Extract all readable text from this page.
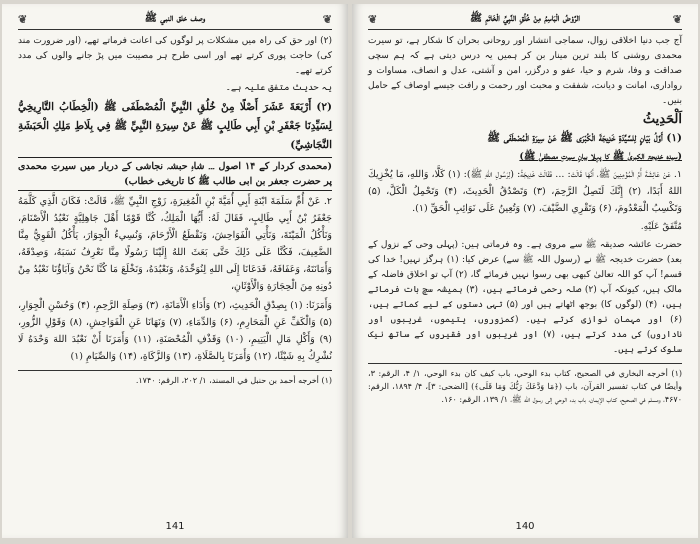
❦
وصف خلق النبي ﷺ
❦

(۲) اور حق کی راہ میں مشکلات پر لوگوں کی اعانت فرماتے تھے، (اور ضرورت مند کی) حاجت پوری کرتے تھے اور اسی طرح ہر مصیبت میں پڑ جانے والوں کی مدد کرتے تھے۔

یہ حدیث متفق علیہ ہے۔

(۲) أَرْبَعَةَ عَشَرَ أَصْلًا مِنْ خُلُقِ النَّبِيِّ الْمُصْطَفَى ﷺ (الْخِطَابُ التَّارِيخِيُّ لِسَيِّدِنَا جَعْفَرِ بْنِ أَبِي طَالِبٍ ﷺ عَنْ سِيرَةِ النَّبِيِّ ﷺ فِي بِلَاطِ مَلِكِ الْحَبَشَةِ النَّجَاشِيِّ)

(محمدی کردار کے ۱۴ اصول ۔۔۔ شاہِ حبشہ نجاشی کے دربار میں سیرتِ محمدی پر حضرت جعفر بن ابی طالب ﷺ کا تاریخی خطاب)

۲. عَنْ أُمِّ سَلَمَةَ ابْنَةِ أَبِي أُمَيَّةَ بْنِ الْمُغِيرَةِ، زَوْجِ النَّبِيِّ ﷺ، قَالَتْ: فَكَانَ الَّذِي كَلَّمَهُ جَعْفَرُ بْنُ أَبِي طَالِبٍ، فَقَالَ لَهُ: أَيُّهَا الْمَلِكُ، كُنَّا قَوْمًا أَهْلَ جَاهِلِيَّةٍ نَعْبُدُ الْأَصْنَامَ، وَنَأْكُلُ الْمَيْتَةَ، وَنَأْتِي الْفَوَاحِشَ، وَنَقْطَعُ الْأَرْحَامَ، وَنُسِيءُ الْجِوَارَ، يَأْكُلُ الْقَوِيُّ مِنَّا الضَّعِيفَ، فَكُنَّا عَلَى ذَلِكَ حَتَّى بَعَثَ اللهُ إِلَيْنَا رَسُولًا مِنَّا نَعْرِفُ نَسَبَهُ، وَصِدْقَهُ، وَأَمَانَتَهُ، وَعَفَافَهُ، فَدَعَانَا إِلَى اللهِ لِنُوَحِّدَهُ، وَنَعْبُدَهُ، وَنَخْلَعَ مَا كُنَّا نَحْنُ وَآبَاؤُنَا نَعْبُدُ مِنْ دُونِهِ مِنَ الْحِجَارَةِ وَالْأَوْثَانِ،

وَأَمَرَنَا: (۱) بِصِدْقِ الْحَدِيثِ، (۲) وَأَدَاءِ الْأَمَانَةِ، (۳) وَصِلَةِ الرَّحِمِ، (۴) وَحُسْنِ الْجِوَارِ، (۵) وَالْكَفِّ عَنِ الْمَحَارِمِ، (۶) وَالدِّمَاءِ، (۷) وَنَهَانَا عَنِ الْفَوَاحِشِ، (۸) وَقَوْلِ الزُّورِ، (۹) وَأَكْلِ مَالِ الْيَتِيمِ، (۱۰) وَقَذْفِ الْمُحْصَنَةِ، (۱۱) وَأَمَرَنَا أَنْ نَعْبُدَ اللهَ وَحْدَهُ لَا نُشْرِكُ بِهِ شَيْئًا، (۱۲) وَأَمَرَنَا بِالصَّلَاةِ، (۱۳) وَالزَّكَاةِ، (۱۴) وَالصِّيَامِ (۱)

(۱) أخرجه أحمد بن حنبل في المسند، ۱/ ۲۰۲، الرقم: ۱۷۴۰.

141
❦
الرَّوْضُ الْبَاسِمُ مِنْ خُلُقِ النَّبِيِّ الْخَاتَمِ ﷺ
❦

آج جب دنیا اخلاقی زوال، سماجی انتشار اور روحانی بحران کا شکار ہے، تو سیرت محمدی روشنی کا بلند ترین مینار بن کر ہمیں یہ درس دیتی ہے کہ ہم سچی صداقت و وفا، شرم و حیا، عفو و درگزر، امن و آشتی، عدل و انصاف، مساوات و رواداری، امانت و دیانت، شفقت و محبت اور رحمت و رافت جیسے اوصاف کے حامل بنیں۔

اَلْحَدِيثُ

(۱) أَوَّلُ بَيَانٍ لِلسَّيِّدَةِ خَدِيجَةَ الْكُبْرَى ﷺ عَنْ سِيرَةِ الْمُصْطَفَى ﷺ

(سیدہ خدیجۃ الکبریٰ ﷺ کا پہلا بیانِ سیرتِ مصطفیٰ ﷺ)

۱. عَنْ عَائِشَةَ أُمِّ الْمُؤْمِنِينَ ﷺ، أَنَّهَا قَالَتْ: ... فَقَالَتْ خَدِيجَةُ: (لِرَسُولِ اللهِ ﷺ): (۱) كَلَّا، وَاللهِ، مَا يُخْزِيكَ اللهُ أَبَدًا، (۲) إِنَّكَ لَتَصِلُ الرَّحِمَ، (۳) وَتَصْدُقُ الْحَدِيثَ، (۴) وَتَحْمِلُ الْكَلَّ، (۵) وَتَكْسِبُ الْمَعْدُومَ، (۶) وَتَقْرِي الضَّيْفَ، (۷) وَتُعِينُ عَلَى نَوَائِبِ الْحَقِّ (۱).

مُتَّفَقٌ عَلَيْهِ.

حضرت عائشہ صدیقہ ﷺ سے مروی ہے۔ وہ فرماتی ہیں: (پہلی وحی کے نزول کے بعد) حضرت خدیجہ ﷺ نے (رسول اللہ ﷺ سے) عرض کیا: (۱) ہرگز نہیں! خدا کی قسم! آپ کو اللہ تعالیٰ کبھی بھی رسوا نہیں فرمائے گا، (۲) آپ تو اخلاق فاضلہ کے مالک ہیں، کیونکہ آپ (۲) صلہ رحمی فرماتے ہیں، (۳) ہمیشہ سچ بات فرماتے ہیں، (۴) (لوگوں کا) بوجھ اٹھاتے ہیں اور (۵) تہی دستوں کے لیے کماتے ہیں، (۶) اور مہمان نوازی کرتے ہیں۔ (کمزوروں، یتیموں، غریبوں اور ناداروں) کی مدد کرتے ہیں، (۷) اور غریبوں اور فقیروں کے ساتھ نیک سلوک کرتے ہیں۔

(۱) أخرجه البخاري في الصحيح، كتاب بدء الوحي، باب كيف كان بدء الوحي، ۱/ ۴، الرقم: ۳، وأيضًا في كتاب تفسير القرآن، باب (﴿مَا وَدَّعَكَ رَبُّكَ وَمَا قَلَى﴾) [الضحى: ۳]، ۴/ ۱۸۹۴، الرقم: ۴۶۷۰، ومسلم في الصحيح، كتاب الإيمان، باب بدء الوحي إلى رسول الله ﷺ، ۱/ ۱۳۹، الرقم: ۱۶۰.

140
